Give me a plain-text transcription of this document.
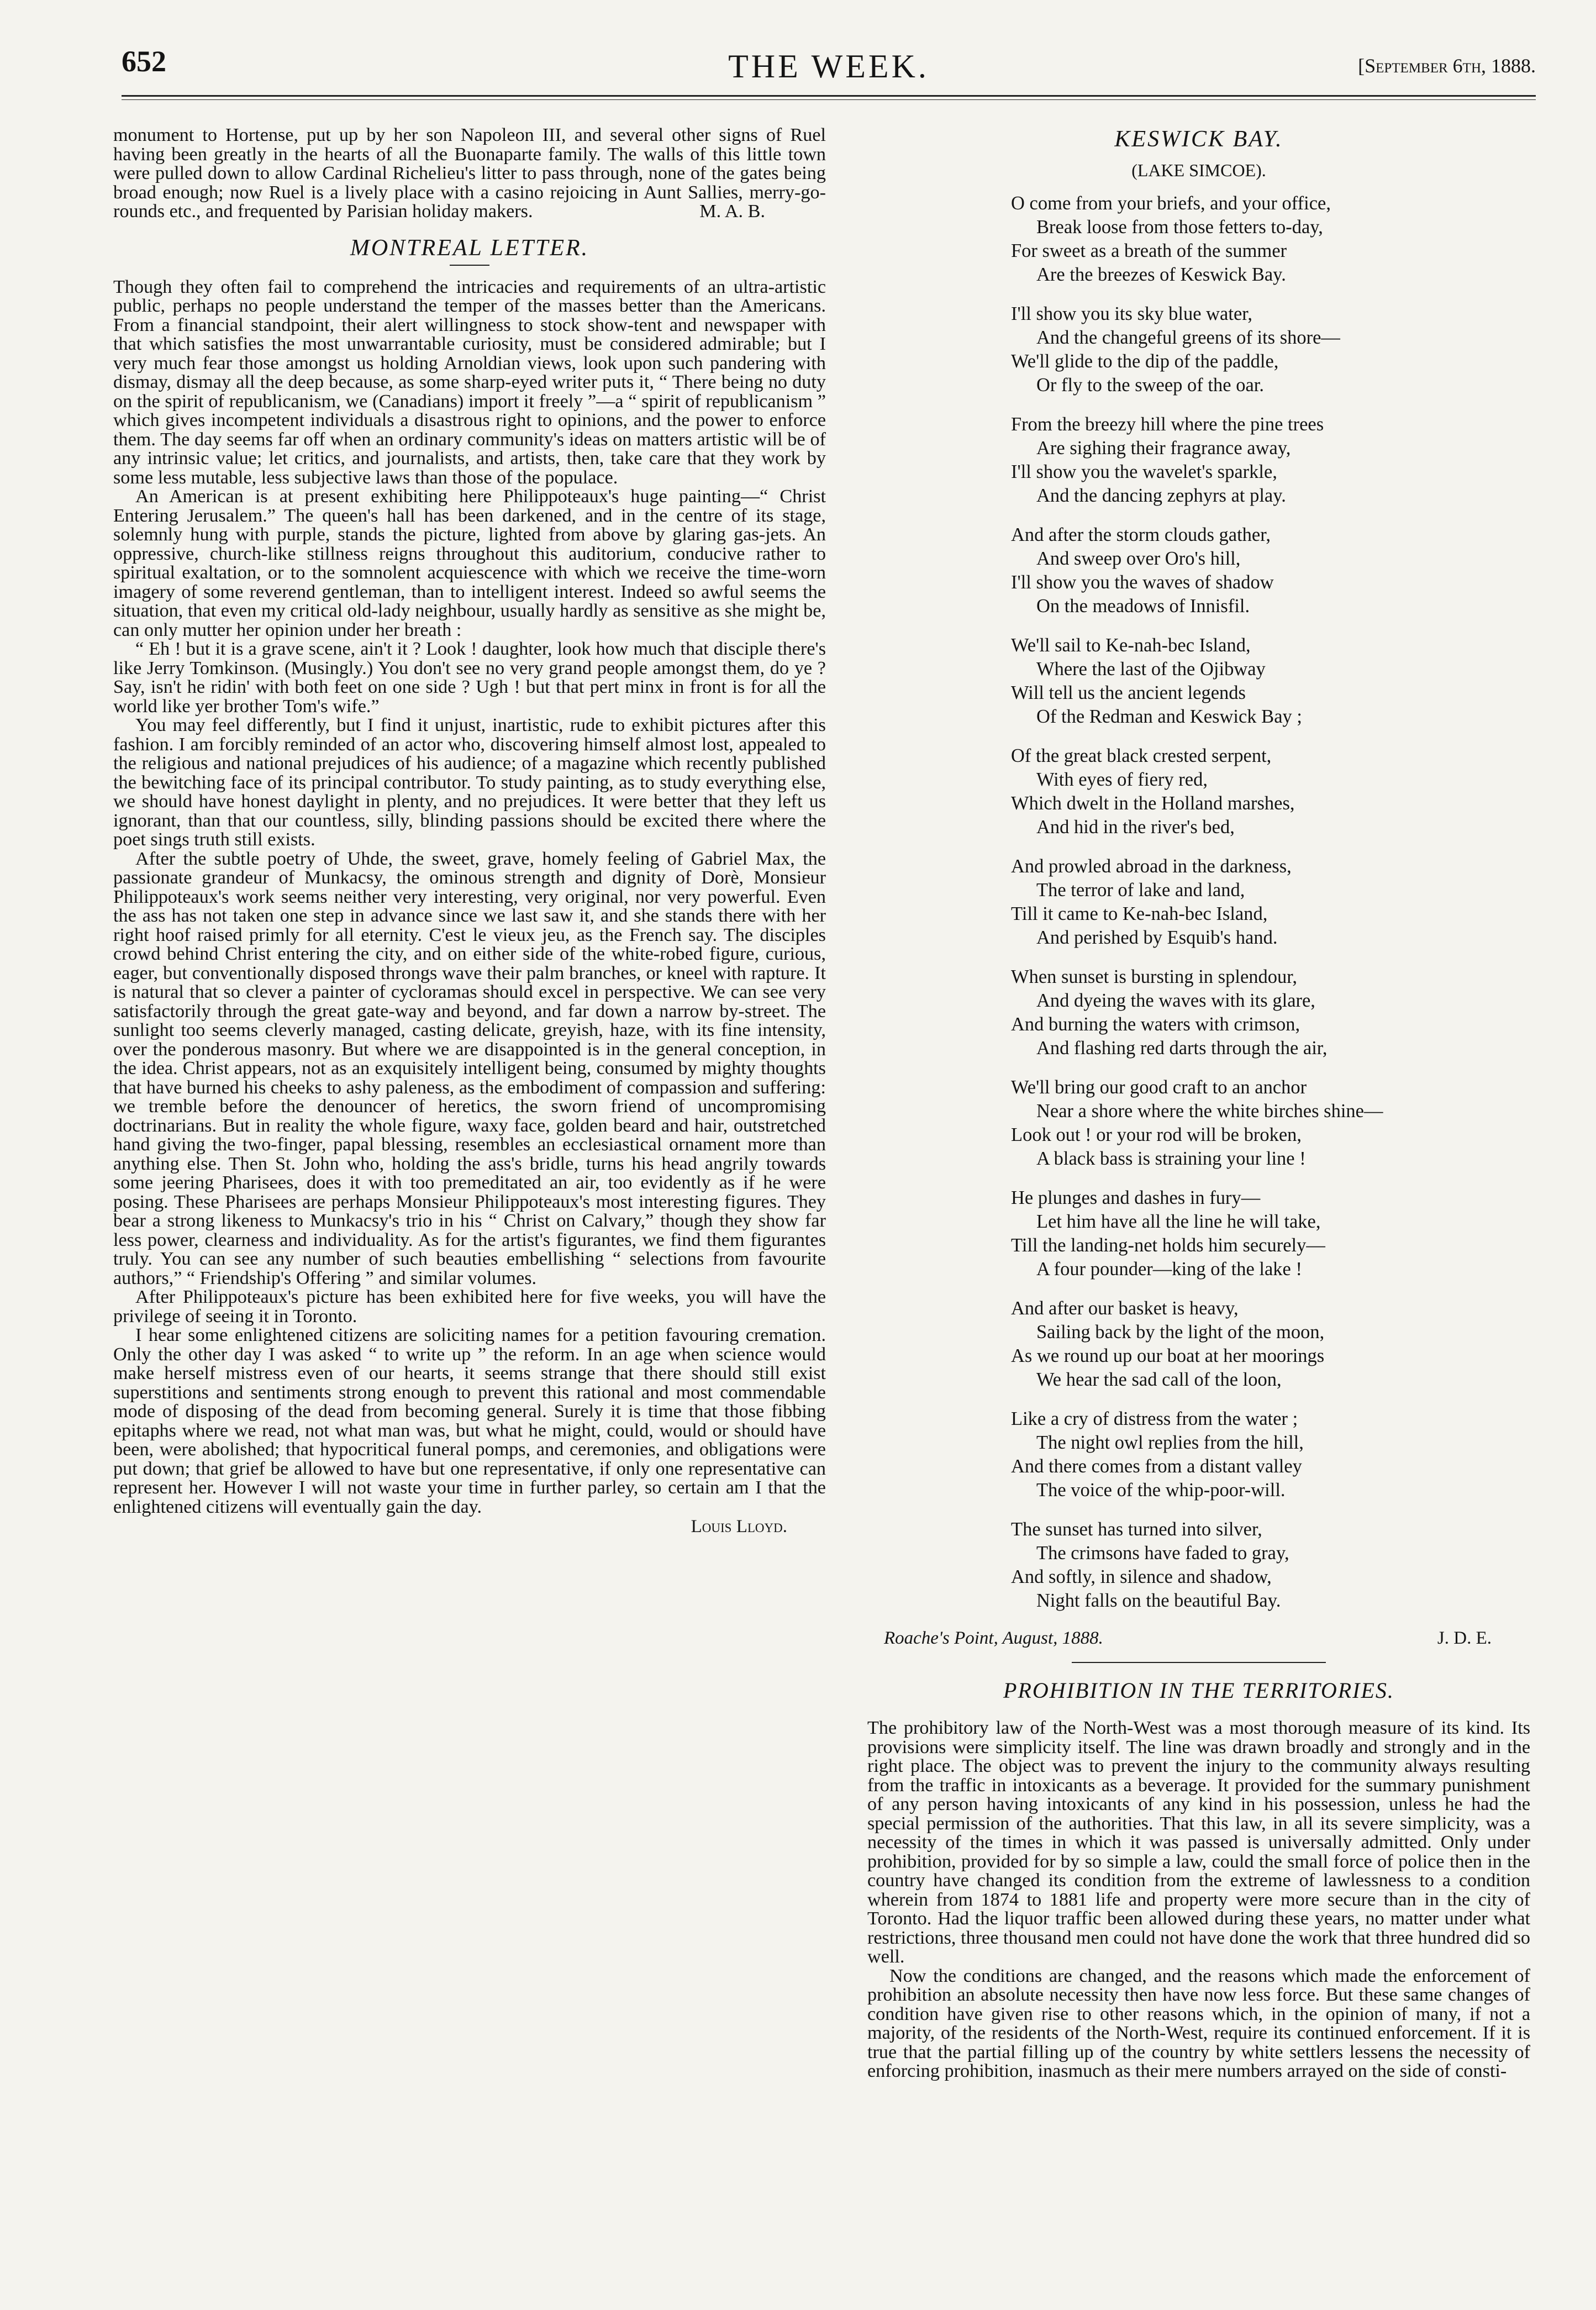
652	THE WEEK.	[September 6th, 1888.

monument to Hortense, put up by her son Napoleon III, and several other signs of Ruel having been greatly in the hearts of all the Buonaparte family. The walls of this little town were pulled down to allow Cardinal Richelieu's litter to pass through, none of the gates being broad enough; now Ruel is a lively place with a casino rejoicing in Aunt Sallies, merry-go-rounds etc., and frequented by Parisian holiday makers.	M. A. B.

MONTREAL LETTER.

Though they often fail to comprehend the intricacies and requirements of an ultra-artistic public, perhaps no people understand the temper of the masses better than the Americans. From a financial standpoint, their alert willingness to stock show-tent and newspaper with that which satisfies the most unwarrantable curiosity, must be considered admirable; but I very much fear those amongst us holding Arnoldian views, look upon such pandering with dismay, dismay all the deep because, as some sharp-eyed writer puts it, “ There being no duty on the spirit of republicanism, we (Canadians) import it freely ”—a “ spirit of republicanism ” which gives incompetent individuals a disastrous right to opinions, and the power to enforce them. The day seems far off when an ordinary community's ideas on matters artistic will be of any intrinsic value; let critics, and journalists, and artists, then, take care that they work by some less mutable, less subjective laws than those of the populace.

An American is at present exhibiting here Philippoteaux's huge painting—“ Christ Entering Jerusalem.” The queen's hall has been darkened, and in the centre of its stage, solemnly hung with purple, stands the picture, lighted from above by glaring gas-jets. An oppressive, church-like stillness reigns throughout this auditorium, conducive rather to spiritual exaltation, or to the somnolent acquiescence with which we receive the time-worn imagery of some reverend gentleman, than to intelligent interest. Indeed so awful seems the situation, that even my critical old-lady neighbour, usually hardly as sensitive as she might be, can only mutter her opinion under her breath :

“ Eh ! but it is a grave scene, ain't it ? Look ! daughter, look how much that disciple there's like Jerry Tomkinson. (Musingly.) You don't see no very grand people amongst them, do ye ? Say, isn't he ridin' with both feet on one side ? Ugh ! but that pert minx in front is for all the world like yer brother Tom's wife.”

You may feel differently, but I find it unjust, inartistic, rude to exhibit pictures after this fashion. I am forcibly reminded of an actor who, discovering himself almost lost, appealed to the religious and national prejudices of his audience; of a magazine which recently published the bewitching face of its principal contributor. To study painting, as to study everything else, we should have honest daylight in plenty, and no prejudices. It were better that they left us ignorant, than that our countless, silly, blinding passions should be excited there where the poet sings truth still exists.

After the subtle poetry of Uhde, the sweet, grave, homely feeling of Gabriel Max, the passionate grandeur of Munkacsy, the ominous strength and dignity of Dorè, Monsieur Philippoteaux's work seems neither very interesting, very original, nor very powerful. Even the ass has not taken one step in advance since we last saw it, and she stands there with her right hoof raised primly for all eternity. C'est le vieux jeu, as the French say. The disciples crowd behind Christ entering the city, and on either side of the white-robed figure, curious, eager, but conventionally disposed throngs wave their palm branches, or kneel with rapture. It is natural that so clever a painter of cycloramas should excel in perspective. We can see very satisfactorily through the great gate-way and beyond, and far down a narrow by-street. The sunlight too seems cleverly managed, casting delicate, greyish, haze, with its fine intensity, over the ponderous masonry. But where we are disappointed is in the general conception, in the idea. Christ appears, not as an exquisitely intelligent being, consumed by mighty thoughts that have burned his cheeks to ashy paleness, as the embodiment of compassion and suffering: we tremble before the denouncer of heretics, the sworn friend of uncompromising doctrinarians. But in reality the whole figure, waxy face, golden beard and hair, outstretched hand giving the two-finger, papal blessing, resembles an ecclesiastical ornament more than anything else. Then St. John who, holding the ass's bridle, turns his head angrily towards some jeering Pharisees, does it with too premeditated an air, too evidently as if he were posing. These Pharisees are perhaps Monsieur Philippoteaux's most interesting figures. They bear a strong likeness to Munkacsy's trio in his “ Christ on Calvary,” though they show far less power, clearness and individuality. As for the artist's figurantes, we find them figurantes truly. You can see any number of such beauties embellishing “ selections from favourite authors,” “ Friendship's Offering ” and similar volumes.

After Philippoteaux's picture has been exhibited here for five weeks, you will have the privilege of seeing it in Toronto.

I hear some enlightened citizens are soliciting names for a petition favouring cremation. Only the other day I was asked “ to write up ” the reform. In an age when science would make herself mistress even of our hearts, it seems strange that there should still exist superstitions and sentiments strong enough to prevent this rational and most commendable mode of disposing of the dead from becoming general. Surely it is time that those fibbing epitaphs where we read, not what man was, but what he might, could, would or should have been, were abolished; that hypocritical funeral pomps, and ceremonies, and obligations were put down; that grief be allowed to have but one representative, if only one representative can represent her. However I will not waste your time in further parley, so certain am I that the enlightened citizens will eventually gain the day.

Louis Lloyd.
KESWICK BAY.
(LAKE SIMCOE).
O come from your briefs, and your office,
Break loose from those fetters to-day,
For sweet as a breath of the summer
Are the breezes of Keswick Bay.
I'll show you its sky blue water,
And the changeful greens of its shore—
We'll glide to the dip of the paddle,
Or fly to the sweep of the oar.
From the breezy hill where the pine trees
Are sighing their fragrance away,
I'll show you the wavelet's sparkle,
And the dancing zephyrs at play.
And after the storm clouds gather,
And sweep over Oro's hill,
I'll show you the waves of shadow
On the meadows of Innisfil.
We'll sail to Ke-nah-bec Island,
Where the last of the Ojibway
Will tell us the ancient legends
Of the Redman and Keswick Bay ;
Of the great black crested serpent,
With eyes of fiery red,
Which dwelt in the Holland marshes,
And hid in the river's bed,
And prowled abroad in the darkness,
The terror of lake and land,
Till it came to Ke-nah-bec Island,
And perished by Esquib's hand.
When sunset is bursting in splendour,
And dyeing the waves with its glare,
And burning the waters with crimson,
And flashing red darts through the air,
We'll bring our good craft to an anchor
Near a shore where the white birches shine—
Look out ! or your rod will be broken,
A black bass is straining your line !
He plunges and dashes in fury—
Let him have all the line he will take,
Till the landing-net holds him securely—
A four pounder—king of the lake !
And after our basket is heavy,
Sailing back by the light of the moon,
As we round up our boat at her moorings
We hear the sad call of the loon,
Like a cry of distress from the water ;
The night owl replies from the hill,
And there comes from a distant valley
The voice of the whip-poor-will.
The sunset has turned into silver,
The crimsons have faded to gray,
And softly, in silence and shadow,
Night falls on the beautiful Bay.
Roache's Point, August, 1888.	J. D. E.
PROHIBITION IN THE TERRITORIES.

The prohibitory law of the North-West was a most thorough measure of its kind. Its provisions were simplicity itself. The line was drawn broadly and strongly and in the right place. The object was to prevent the injury to the community always resulting from the traffic in intoxicants as a beverage. It provided for the summary punishment of any person having intoxicants of any kind in his possession, unless he had the special permission of the authorities. That this law, in all its severe simplicity, was a necessity of the times in which it was passed is universally admitted. Only under prohibition, provided for by so simple a law, could the small force of police then in the country have changed its condition from the extreme of lawlessness to a condition wherein from 1874 to 1881 life and property were more secure than in the city of Toronto. Had the liquor traffic been allowed during these years, no matter under what restrictions, three thousand men could not have done the work that three hundred did so well.

Now the conditions are changed, and the reasons which made the enforcement of prohibition an absolute necessity then have now less force. But these same changes of condition have given rise to other reasons which, in the opinion of many, if not a majority, of the residents of the North-West, require its continued enforcement. If it is true that the partial filling up of the country by white settlers lessens the necessity of enforcing prohibition, inasmuch as their mere numbers arrayed on the side of consti-
